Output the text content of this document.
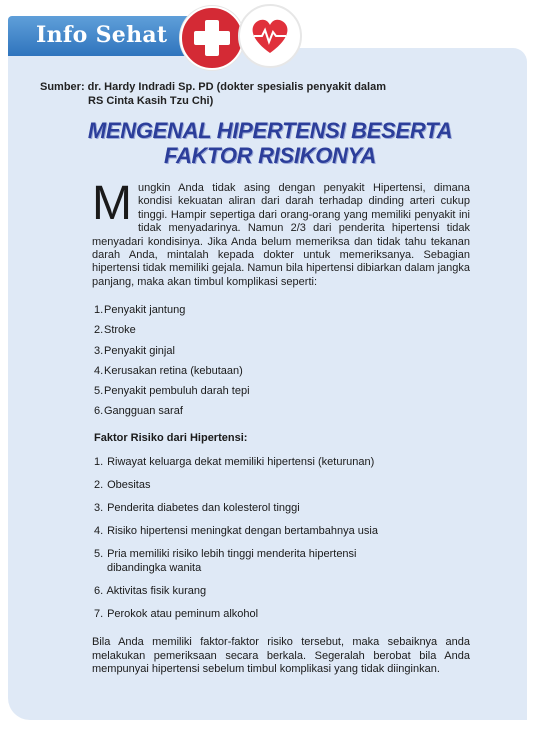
Info Sehat
Sumber: dr. Hardy Indradi Sp. PD (dokter spesialis penyakit dalam
RS Cinta Kasih Tzu Chi)
MENGENAL HIPERTENSI BESERTA
FAKTOR RISIKONYA
M ungkin Anda tidak asing dengan penyakit Hipertensi, dimana kondisi kekuatan aliran dari darah terhadap dinding arteri cukup tinggi. Hampir sepertiga dari orang-orang yang memiliki penyakit ini tidak menyadarinya. Namun 2/3 dari penderita hipertensi tidak menyadari kondisinya. Jika Anda belum memeriksa dan tidak tahu tekanan darah Anda, mintalah kepada dokter untuk memeriksanya. Sebagian hipertensi tidak memiliki gejala. Namun bila hipertensi dibiarkan dalam jangka panjang, maka akan timbul komplikasi seperti:
1.Penyakit jantung
2.Stroke
3.Penyakit ginjal
4.Kerusakan retina (kebutaan)
5.Penyakit pembuluh darah tepi
6.Gangguan saraf
Faktor Risiko dari Hipertensi:
1. Riwayat keluarga dekat memiliki hipertensi (keturunan)
2. Obesitas
3. Penderita diabetes dan kolesterol tinggi
4. Risiko hipertensi meningkat dengan bertambahnya usia
5. Pria memiliki risiko lebih tinggi menderita hipertensi
dibandingka wanita
6. Aktivitas fisik kurang
7. Perokok atau peminum alkohol
Bila Anda memiliki faktor-faktor risiko tersebut, maka sebaiknya anda melakukan pemeriksaan secara berkala. Segeralah berobat bila Anda mempunyai hipertensi sebelum timbul komplikasi yang tidak diinginkan.
